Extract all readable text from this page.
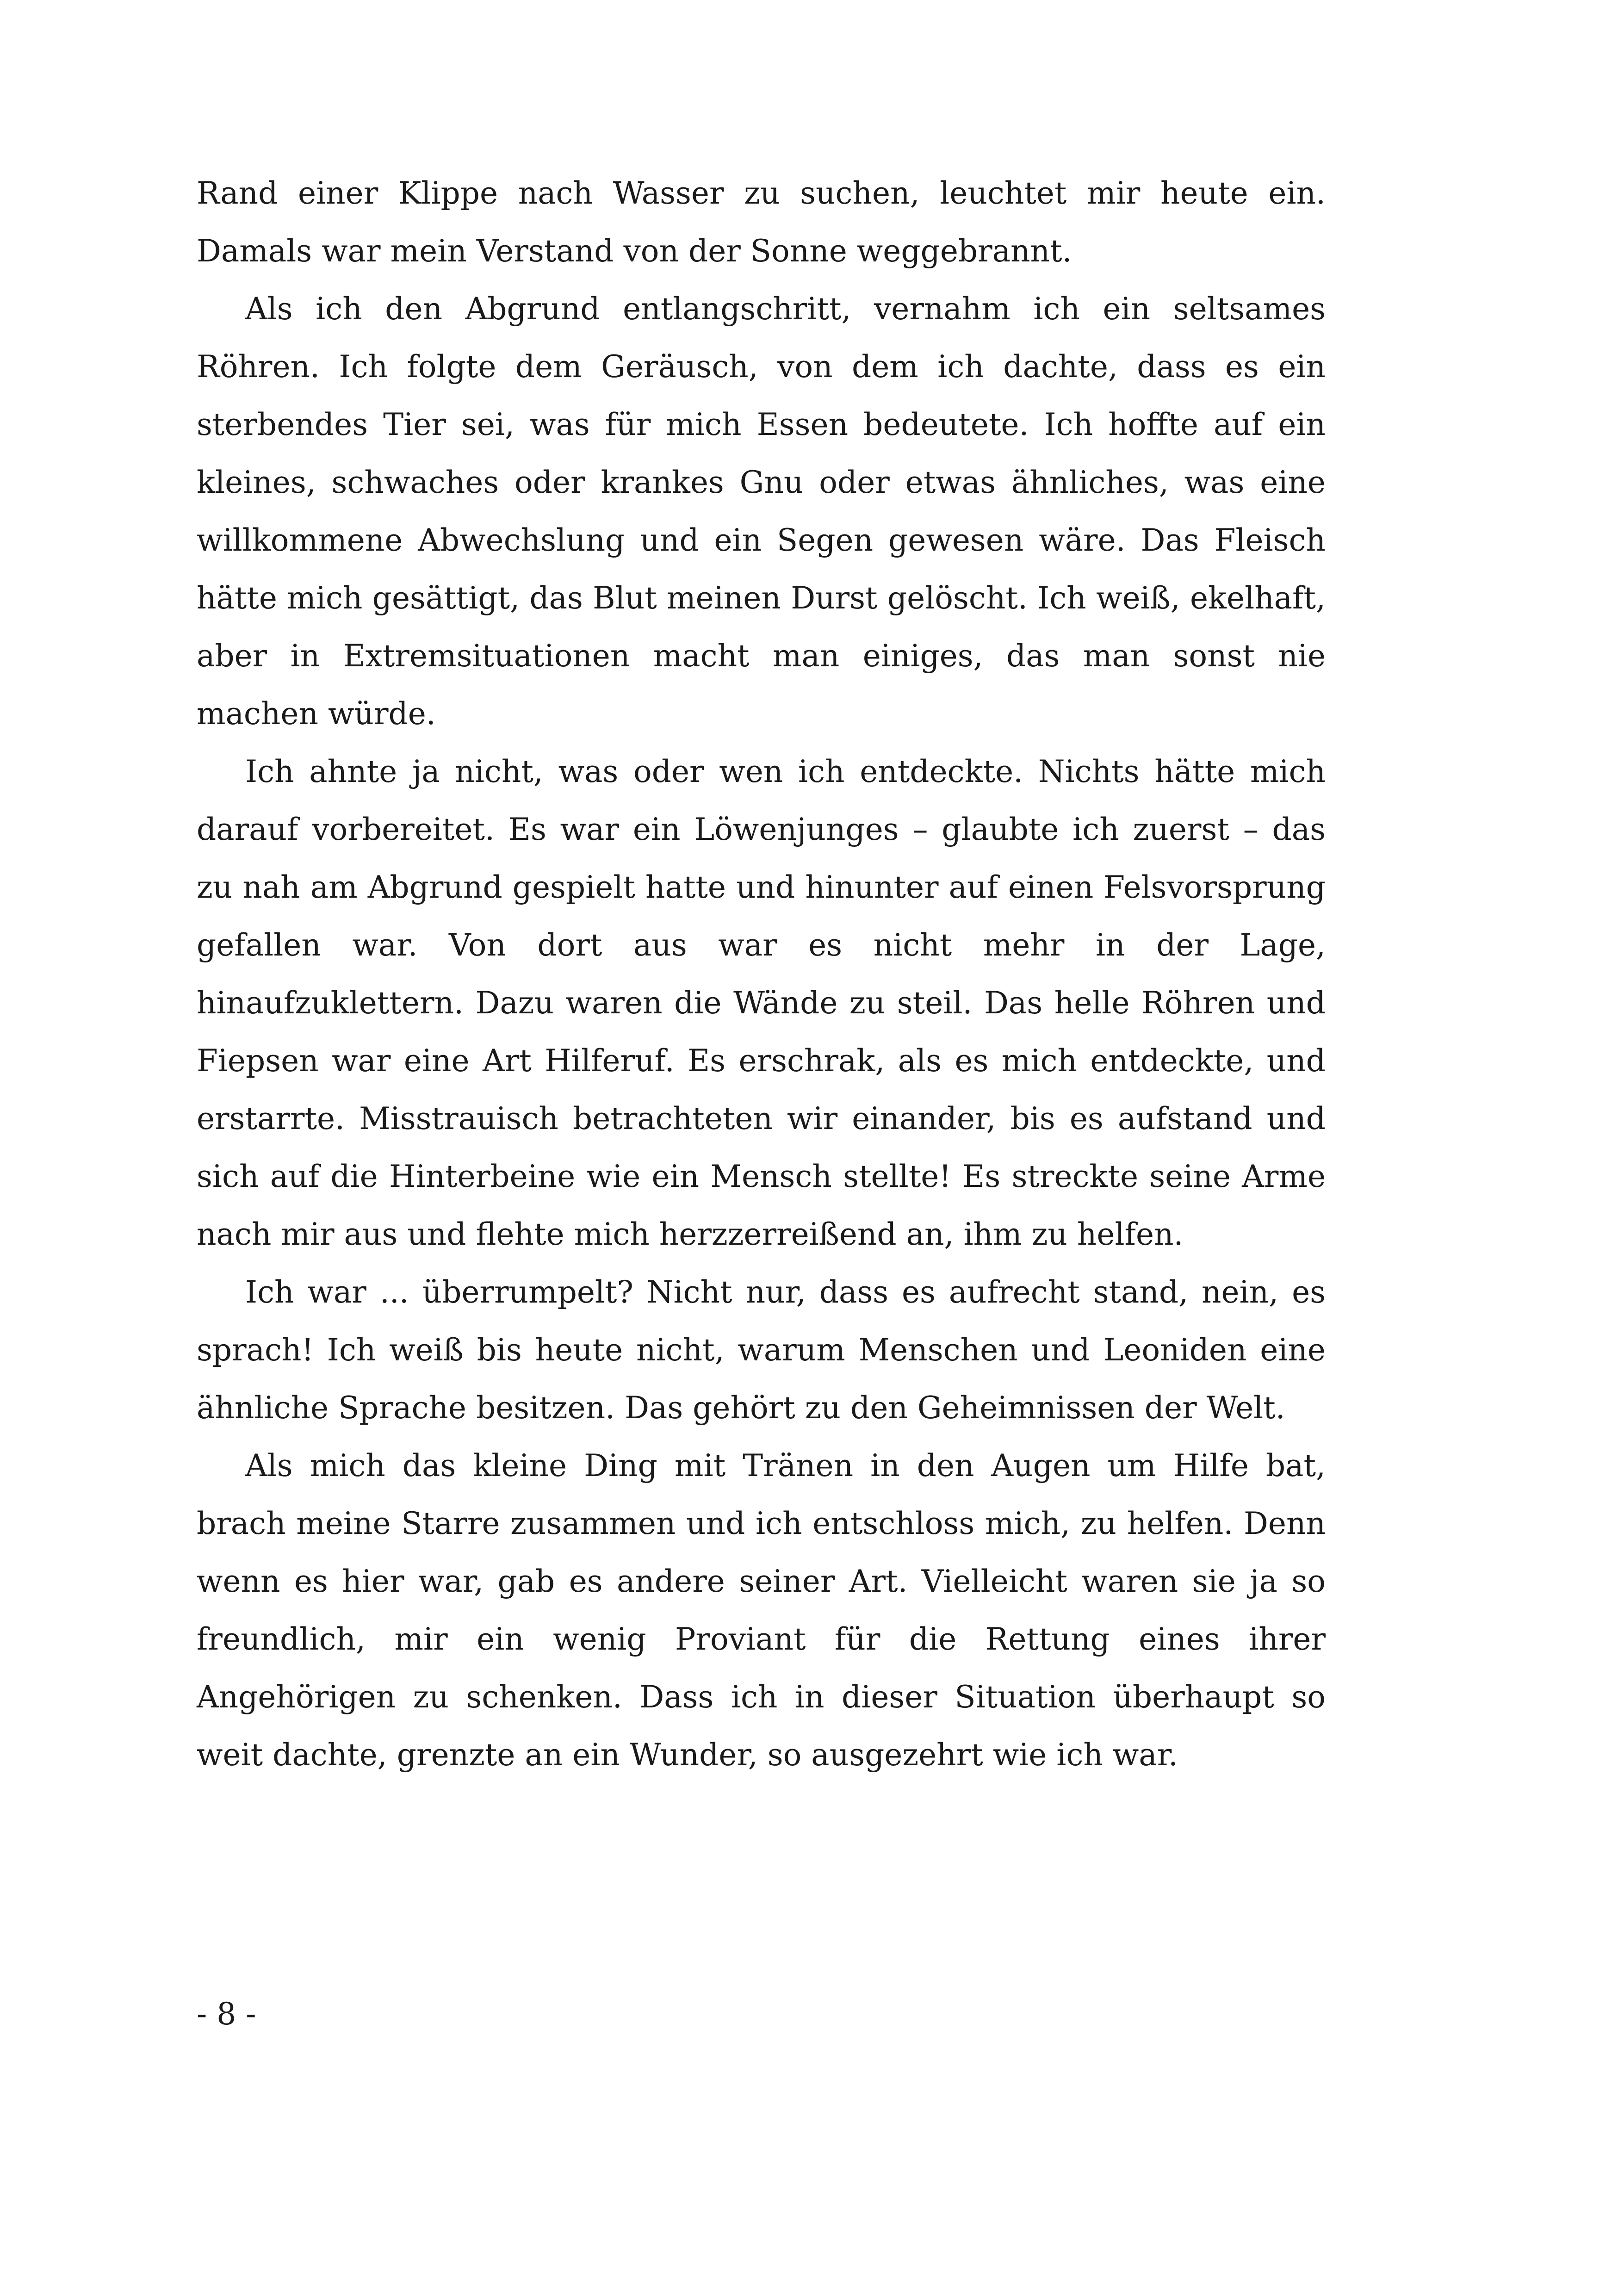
Rand einer Klippe nach Wasser zu suchen, leuchtet mir heute ein. Damals war mein Verstand von der Sonne weggebrannt.

Als ich den Abgrund entlangschritt, vernahm ich ein seltsames Röhren. Ich folgte dem Geräusch, von dem ich dachte, dass es ein sterbendes Tier sei, was für mich Essen bedeutete. Ich hoffte auf ein kleines, schwaches oder krankes Gnu oder etwas ähnliches, was eine willkommene Abwechslung und ein Segen gewesen wäre. Das Fleisch hätte mich gesättigt, das Blut meinen Durst gelöscht. Ich weiß, ekelhaft, aber in Extremsituationen macht man einiges, das man sonst nie machen würde.

Ich ahnte ja nicht, was oder wen ich entdeckte. Nichts hätte mich darauf vorbereitet. Es war ein Löwenjunges – glaubte ich zuerst – das zu nah am Abgrund gespielt hatte und hinunter auf einen Felsvorsprung gefallen war. Von dort aus war es nicht mehr in der Lage, hinaufzuklettern. Dazu waren die Wände zu steil. Das helle Röhren und Fiepsen war eine Art Hilferuf. Es erschrak, als es mich entdeckte, und erstarrte. Misstrauisch betrachteten wir einander, bis es aufstand und sich auf die Hinterbeine wie ein Mensch stellte! Es streckte seine Arme nach mir aus und flehte mich herzzerreißend an, ihm zu helfen.

Ich war ... überrumpelt? Nicht nur, dass es aufrecht stand, nein, es sprach! Ich weiß bis heute nicht, warum Menschen und Leoniden eine ähnliche Sprache besitzen. Das gehört zu den Geheimnissen der Welt.

Als mich das kleine Ding mit Tränen in den Augen um Hilfe bat, brach meine Starre zusammen und ich entschloss mich, zu helfen. Denn wenn es hier war, gab es andere seiner Art. Vielleicht waren sie ja so freundlich, mir ein wenig Proviant für die Rettung eines ihrer Angehörigen zu schenken. Dass ich in dieser Situation überhaupt so weit dachte, grenzte an ein Wunder, so ausgezehrt wie ich war.

- 8 -
